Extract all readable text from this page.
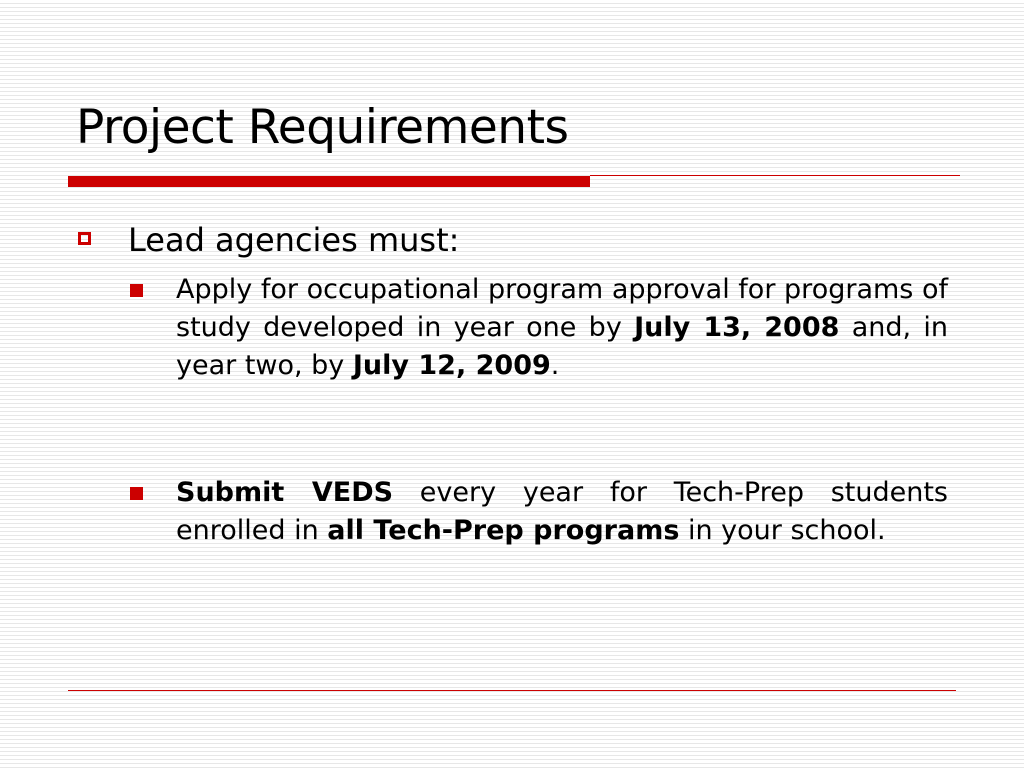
Project Requirements
Lead agencies must:
Apply for occupational program approval for programs of study developed in year one by July 13, 2008 and, in year two, by July 12, 2009.
Submit VEDS every year for Tech-Prep students enrolled in all Tech-Prep programs in your school.
